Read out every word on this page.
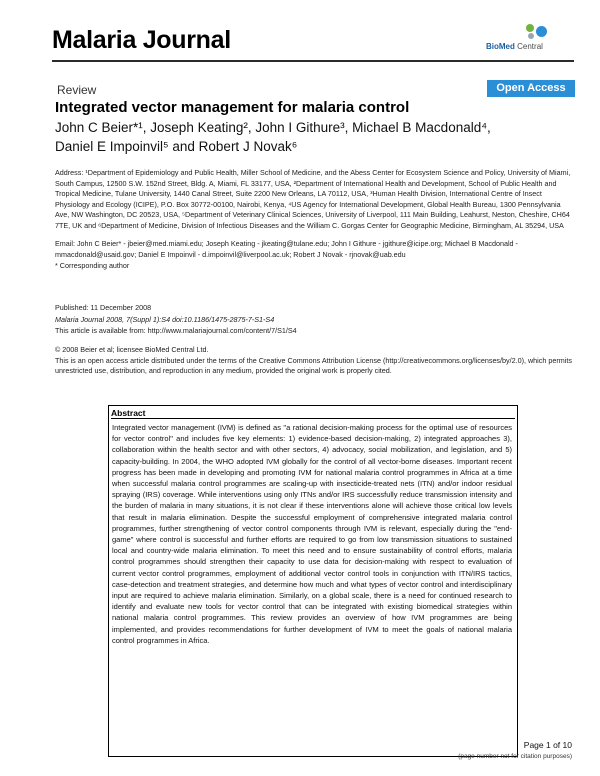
Malaria Journal	BioMed Central
Review	Open Access
Integrated vector management for malaria control
John C Beier*¹, Joseph Keating², John I Githure³, Michael B Macdonald⁴,
Daniel E Impoinvil⁵ and Robert J Novak⁶
Address: ¹Department of Epidemiology and Public Health, Miller School of Medicine, and the Abess Center for Ecosystem Science and Policy, University of Miami, South Campus, 12500 S.W. 152nd Street, Bldg. A, Miami, FL 33177, USA, ²Department of International Health and Development, School of Public Health and Tropical Medicine, Tulane University, 1440 Canal Street, Suite 2200 New Orleans, LA 70112, USA, ³Human Health Division, International Centre of Insect Physiology and Ecology (ICIPE), P.O. Box 30772-00100, Nairobi, Kenya, ⁴US Agency for International Development, Global Health Bureau, 1300 Pennsylvania Ave, NW Washington, DC 20523, USA, ⁵Department of Veterinary Clinical Sciences, University of Liverpool, 111 Main Building, Leahurst, Neston, Cheshire, CH64 7TE, UK and ⁶Department of Medicine, Division of Infectious Diseases and the William C. Gorgas Center for Geographic Medicine, Birmingham, AL 35294, USA
Email: John C Beier* - jbeier@med.miami.edu; Joseph Keating - jkeating@tulane.edu; John I Githure - jgithure@icipe.org; Michael B Macdonald - mmacdonald@usaid.gov; Daniel E Impoinvil - d.impoinvil@liverpool.ac.uk; Robert J Novak - rjnovak@uab.edu
* Corresponding author
Published: 11 December 2008
Malaria Journal 2008, 7(Suppl 1):S4 doi:10.1186/1475-2875-7-S1-S4
This article is available from: http://www.malariajournal.com/content/7/S1/S4
© 2008 Beier et al; licensee BioMed Central Ltd.
This is an open access article distributed under the terms of the Creative Commons Attribution License (http://creativecommons.org/licenses/by/2.0), which permits unrestricted use, distribution, and reproduction in any medium, provided the original work is properly cited.
Abstract
Integrated vector management (IVM) is defined as "a rational decision-making process for the optimal use of resources for vector control" and includes five key elements: 1) evidence-based decision-making, 2) integrated approaches 3), collaboration within the health sector and with other sectors, 4) advocacy, social mobilization, and legislation, and 5) capacity-building. In 2004, the WHO adopted IVM globally for the control of all vector-borne diseases. Important recent progress has been made in developing and promoting IVM for national malaria control programmes in Africa at a time when successful malaria control programmes are scaling-up with insecticide-treated nets (ITN) and/or indoor residual spraying (IRS) coverage. While interventions using only ITNs and/or IRS successfully reduce transmission intensity and the burden of malaria in many situations, it is not clear if these interventions alone will achieve those critical low levels that result in malaria elimination. Despite the successful employment of comprehensive integrated malaria control programmes, further strengthening of vector control components through IVM is relevant, especially during the "end-game" where control is successful and further efforts are required to go from low transmission situations to sustained local and country-wide malaria elimination. To meet this need and to ensure sustainability of control efforts, malaria control programmes should strengthen their capacity to use data for decision-making with respect to evaluation of current vector control programmes, employment of additional vector control tools in conjunction with ITN/IRS tactics, case-detection and treatment strategies, and determine how much and what types of vector control and interdisciplinary input are required to achieve malaria elimination. Similarly, on a global scale, there is a need for continued research to identify and evaluate new tools for vector control that can be integrated with existing biomedical strategies within national malaria control programmes. This review provides an overview of how IVM programmes are being implemented, and provides recommendations for further development of IVM to meet the goals of national malaria control programmes in Africa.
Page 1 of 10
(page number not for citation purposes)
